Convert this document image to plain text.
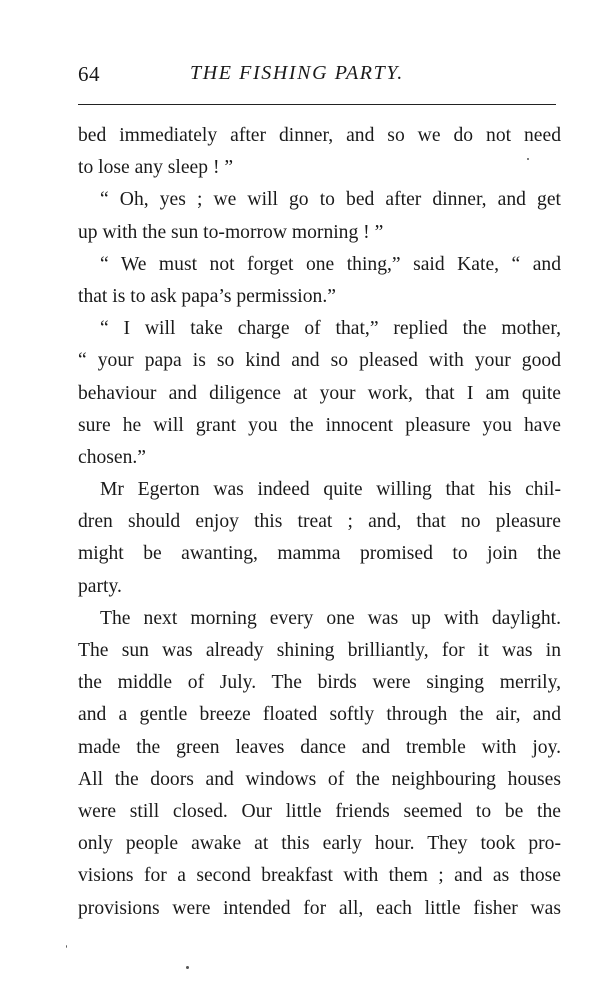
64	THE FISHING PARTY.
bed immediately after dinner, and so we do not need
to lose any sleep ! ”
“ Oh, yes ; we will go to bed after dinner, and get
up with the sun to-morrow morning ! ”
“ We must not forget one thing,” said Kate, “ and
that is to ask papa’s permission.”
“ I will take charge of that,” replied the mother,
“ your papa is so kind and so pleased with your good
behaviour and diligence at your work, that I am quite
sure he will grant you the innocent pleasure you have
chosen.”
Mr Egerton was indeed quite willing that his chil-
dren should enjoy this treat ; and, that no pleasure
might be awanting, mamma promised to join the
party.
The next morning every one was up with daylight.
The sun was already shining brilliantly, for it was in
the middle of July. The birds were singing merrily,
and a gentle breeze floated softly through the air, and
made the green leaves dance and tremble with joy.
All the doors and windows of the neighbouring houses
were still closed. Our little friends seemed to be the
only people awake at this early hour. They took pro-
visions for a second breakfast with them ; and as those
provisions were intended for all, each little fisher was
